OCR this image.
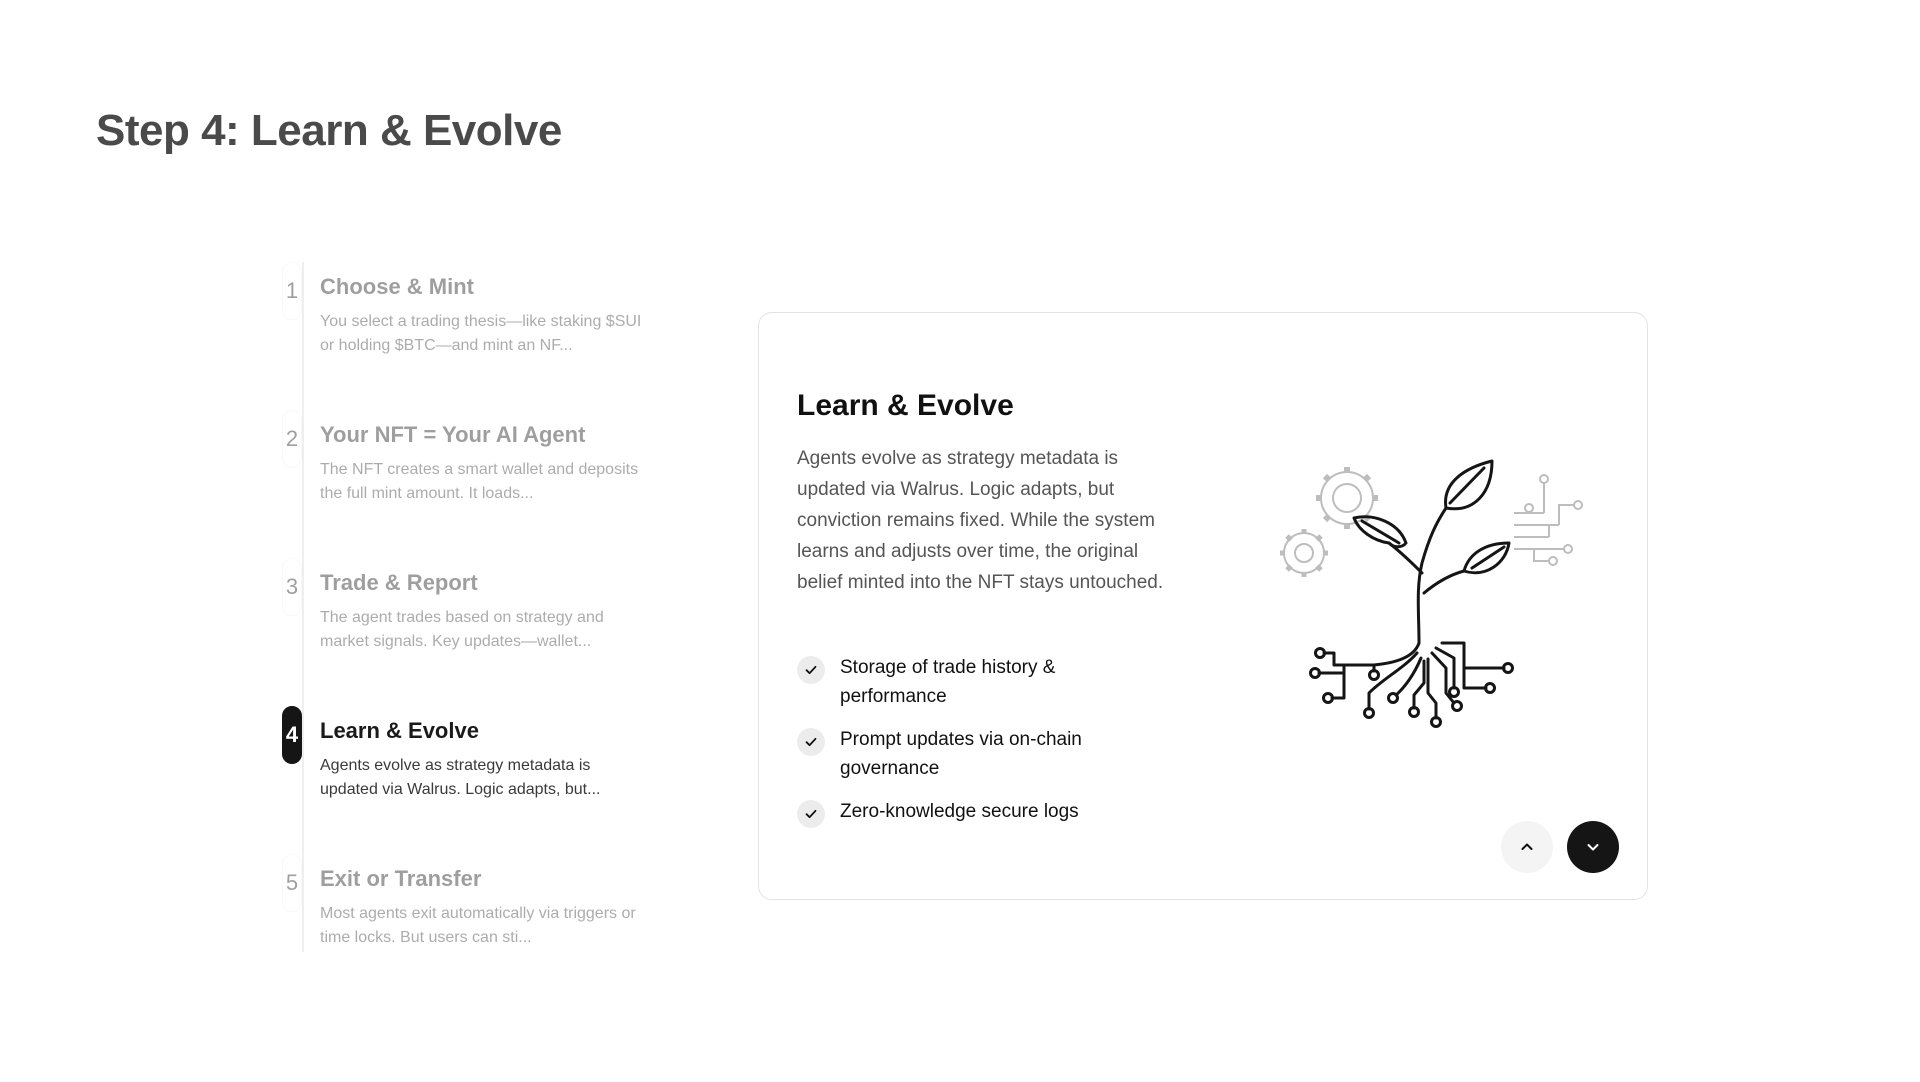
Step 4: Learn & Evolve
1 Choose & Mint
You select a trading thesis—like staking $SUI or holding $BTC—and mint an NF...
2 Your NFT = Your AI Agent
The NFT creates a smart wallet and deposits the full mint amount. It loads...
3 Trade & Report
The agent trades based on strategy and market signals. Key updates—wallet...
4 Learn & Evolve
Agents evolve as strategy metadata is updated via Walrus. Logic adapts, but...
5 Exit or Transfer
Most agents exit automatically via triggers or time locks. But users can sti...
Learn & Evolve

Agents evolve as strategy metadata is updated via Walrus. Logic adapts, but conviction remains fixed. While the system learns and adjusts over time, the original belief minted into the NFT stays untouched.

Storage of trade history & performance
Prompt updates via on-chain governance
Zero-knowledge secure logs
